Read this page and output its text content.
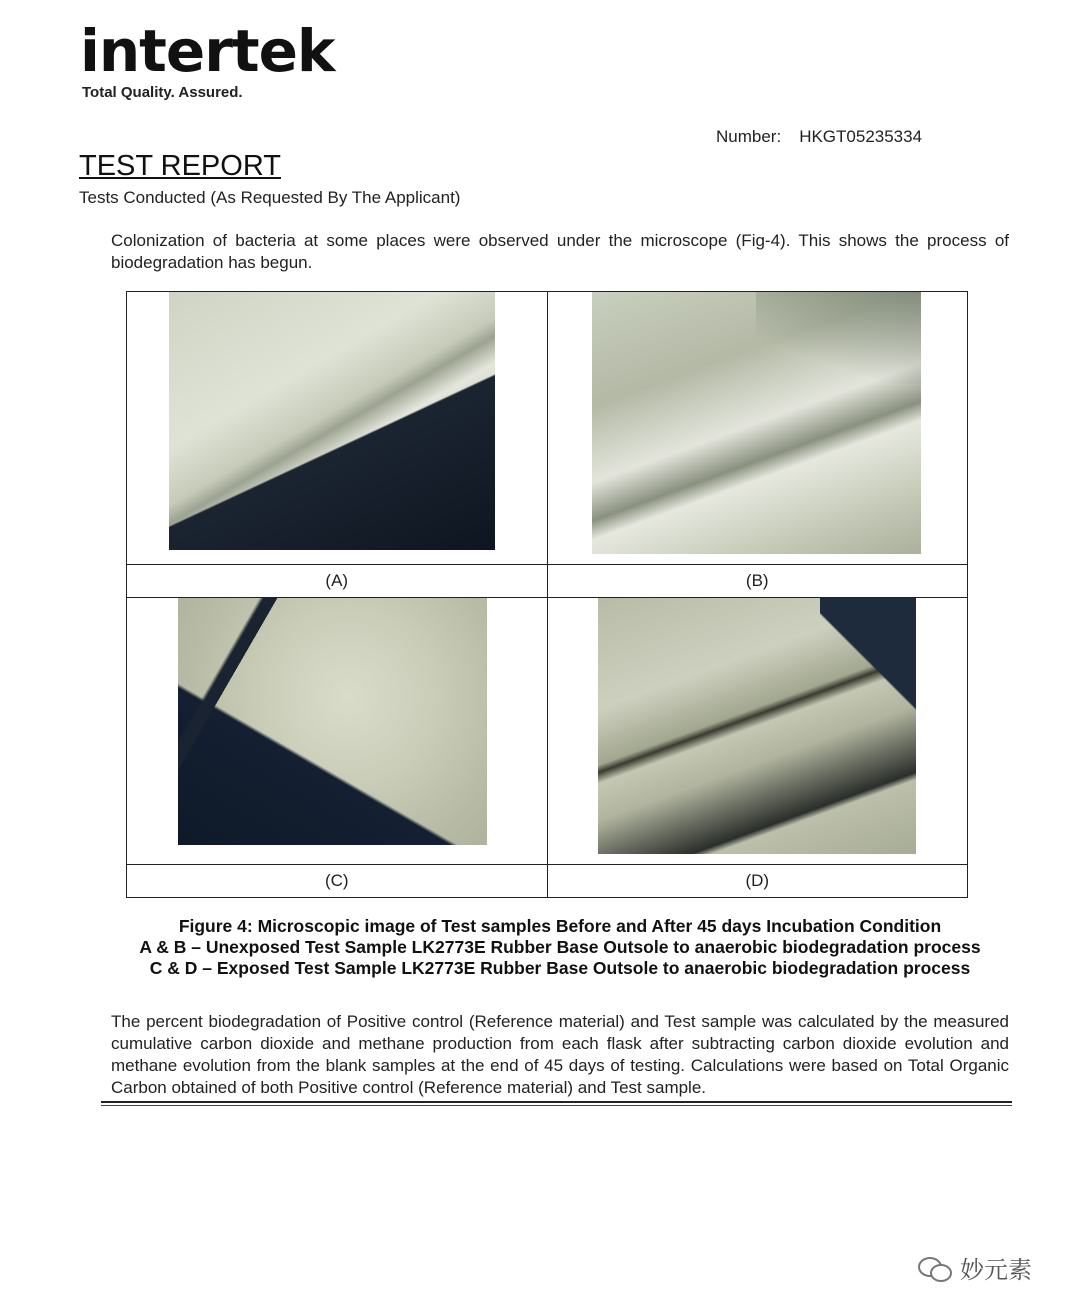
intertek
Total Quality. Assured.
Number: HKGT05235334
TEST REPORT
Tests Conducted (As Requested By The Applicant)
Colonization of bacteria at some places were observed under the microscope (Fig-4). This shows the process of biodegradation has begun.

(A)	(B)

(C)	(D)
Figure 4: Microscopic image of Test samples Before and After 45 days Incubation Condition
A & B – Unexposed Test Sample LK2773E Rubber Base Outsole to anaerobic biodegradation process
C & D – Exposed Test Sample LK2773E Rubber Base Outsole to anaerobic biodegradation process
The percent biodegradation of Positive control (Reference material) and Test sample was calculated by the measured cumulative carbon dioxide and methane production from each flask after subtracting carbon dioxide evolution and methane evolution from the blank samples at the end of 45 days of testing. Calculations were based on Total Organic Carbon obtained of both Positive control (Reference material) and Test sample.
妙元素
